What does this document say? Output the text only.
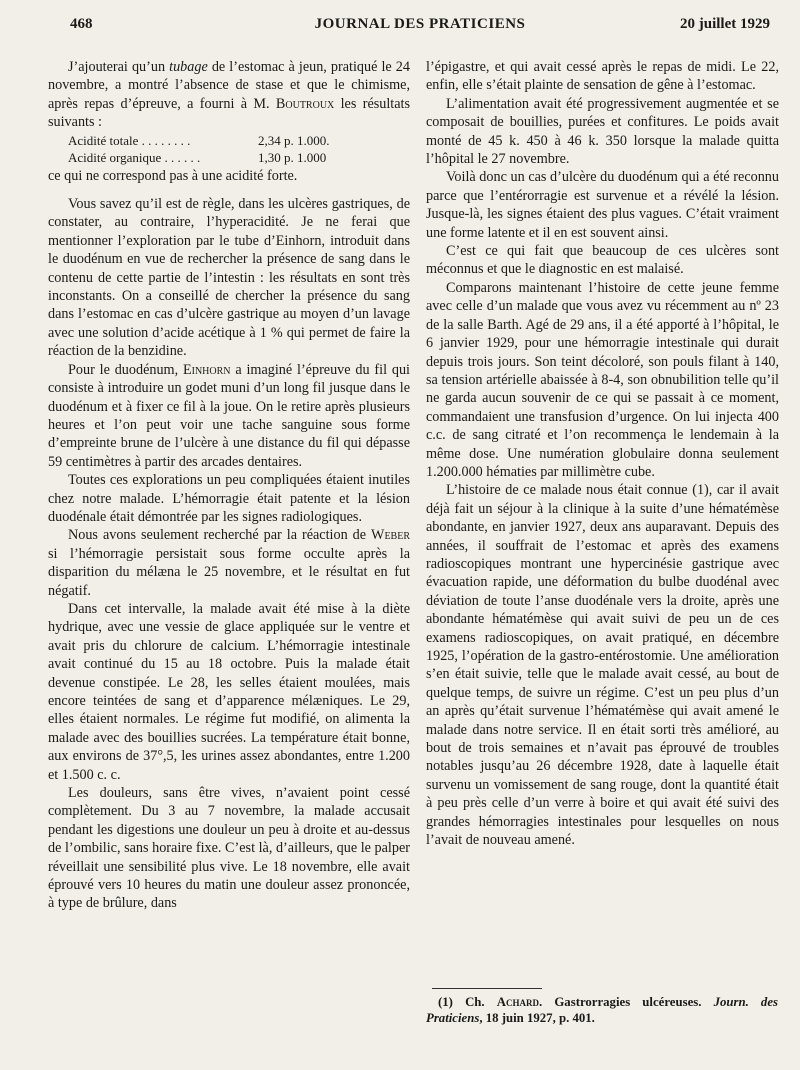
468	JOURNAL DES PRATICIENS	20 juillet 1929

J’ajouterai qu’un tubage de l’estomac à jeun, pratiqué le 24 novembre, a montré l’absence de stase et que le chimisme, après repas d’épreuve, a fourni à M. Boutroux les résultats suivants :

Acidité totale . . . . . . . .	2,34 p. 1.000.
Acidité organique . . . . . .	1,30 p. 1.000

ce qui ne correspond pas à une acidité forte.

Vous savez qu’il est de règle, dans les ulcères gastriques, de constater, au contraire, l’hyperacidité. Je ne ferai que mentionner l’exploration par le tube d’Einhorn, introduit dans le duodénum en vue de rechercher la présence de sang dans le contenu de cette partie de l’intestin : les résultats en sont très inconstants. On a conseillé de chercher la présence du sang dans l’estomac en cas d’ulcère gastrique au moyen d’un lavage avec une solution d’acide acétique à 1 % qui permet de faire la réaction de la benzidine.

Pour le duodénum, Einhorn a imaginé l’épreuve du fil qui consiste à introduire un godet muni d’un long fil jusque dans le duodénum et à fixer ce fil à la joue. On le retire après plusieurs heures et l’on peut voir une tache sanguine sous forme d’empreinte brune de l’ulcère à une distance du fil qui dépasse 59 centimètres à partir des arcades dentaires.

Toutes ces explorations un peu compliquées étaient inutiles chez notre malade. L’hémorragie était patente et la lésion duodénale était démontrée par les signes radiologiques.

Nous avons seulement recherché par la réaction de Weber si l’hémorragie persistait sous forme occulte après la disparition du mélæna le 25 novembre, et le résultat en fut négatif.

Dans cet intervalle, la malade avait été mise à la diète hydrique, avec une vessie de glace appliquée sur le ventre et avait pris du chlorure de calcium. L’hémorragie intestinale avait continué du 15 au 18 octobre. Puis la malade était devenue constipée. Le 28, les selles étaient moulées, mais encore teintées de sang et d’apparence mélæniques. Le 29, elles étaient normales. Le régime fut modifié, on alimenta la malade avec des bouillies sucrées. La température était bonne, aux environs de 37°,5, les urines assez abondantes, entre 1.200 et 1.500 c. c.

Les douleurs, sans être vives, n’avaient point cessé complètement. Du 3 au 7 novembre, la malade accusait pendant les digestions une douleur un peu à droite et au-dessus de l’ombilic, sans horaire fixe. C’est là, d’ailleurs, que le palper réveillait une sensibilité plus vive. Le 18 novembre, elle avait éprouvé vers 10 heures du matin une douleur assez prononcée, à type de brûlure, dans

l’épigastre, et qui avait cessé après le repas de midi. Le 22, enfin, elle s’était plainte de sensation de gêne à l’estomac.

L’alimentation avait été progressivement augmentée et se composait de bouillies, purées et confitures. Le poids avait monté de 45 k. 450 à 46 k. 350 lorsque la malade quitta l’hôpital le 27 novembre.

Voilà donc un cas d’ulcère du duodénum qui a été reconnu parce que l’entérorragie est survenue et a révélé la lésion. Jusque-là, les signes étaient des plus vagues. C’était vraiment une forme latente et il en est souvent ainsi.

C’est ce qui fait que beaucoup de ces ulcères sont méconnus et que le diagnostic en est malaisé.

Comparons maintenant l’histoire de cette jeune femme avec celle d’un malade que vous avez vu récemment au nº 23 de la salle Barth. Agé de 29 ans, il a été apporté à l’hôpital, le 6 janvier 1929, pour une hémorragie intestinale qui durait depuis trois jours. Son teint décoloré, son pouls filant à 140, sa tension artérielle abaissée à 8-4, son obnubilition telle qu’il ne garda aucun souvenir de ce qui se passait à ce moment, commandaient une transfusion d’urgence. On lui injecta 400 c.c. de sang citraté et l’on recommença le lendemain à la même dose. Une numération globulaire donna seulement 1.200.000 hématies par millimètre cube.

L’histoire de ce malade nous était connue (1), car il avait déjà fait un séjour à la clinique à la suite d’une hématémèse abondante, en janvier 1927, deux ans auparavant. Depuis des années, il souffrait de l’estomac et après des examens radioscopiques montrant une hypercinésie gastrique avec évacuation rapide, une déformation du bulbe duodénal avec déviation de toute l’anse duodénale vers la droite, après une abondante hématémèse qui avait suivi de peu un de ces examens radioscopiques, on avait pratiqué, en décembre 1925, l’opération de la gastro-entérostomie. Une amélioration s’en était suivie, telle que le malade avait cessé, au bout de quelque temps, de suivre un régime. C’est un peu plus d’un an après qu’était survenue l’hématémèse qui avait amené le malade dans notre service. Il en était sorti très amélioré, au bout de trois semaines et n’avait pas éprouvé de troubles notables jusqu’au 26 décembre 1928, date à laquelle était survenu un vomissement de sang rouge, dont la quantité était à peu près celle d’un verre à boire et qui avait été suivi des grandes hémorragies intestinales pour lesquelles on nous l’avait de nouveau amené.

(1) Ch. Achard. Gastrorragies ulcéreuses. Journ. des Praticiens, 18 juin 1927, p. 401.
